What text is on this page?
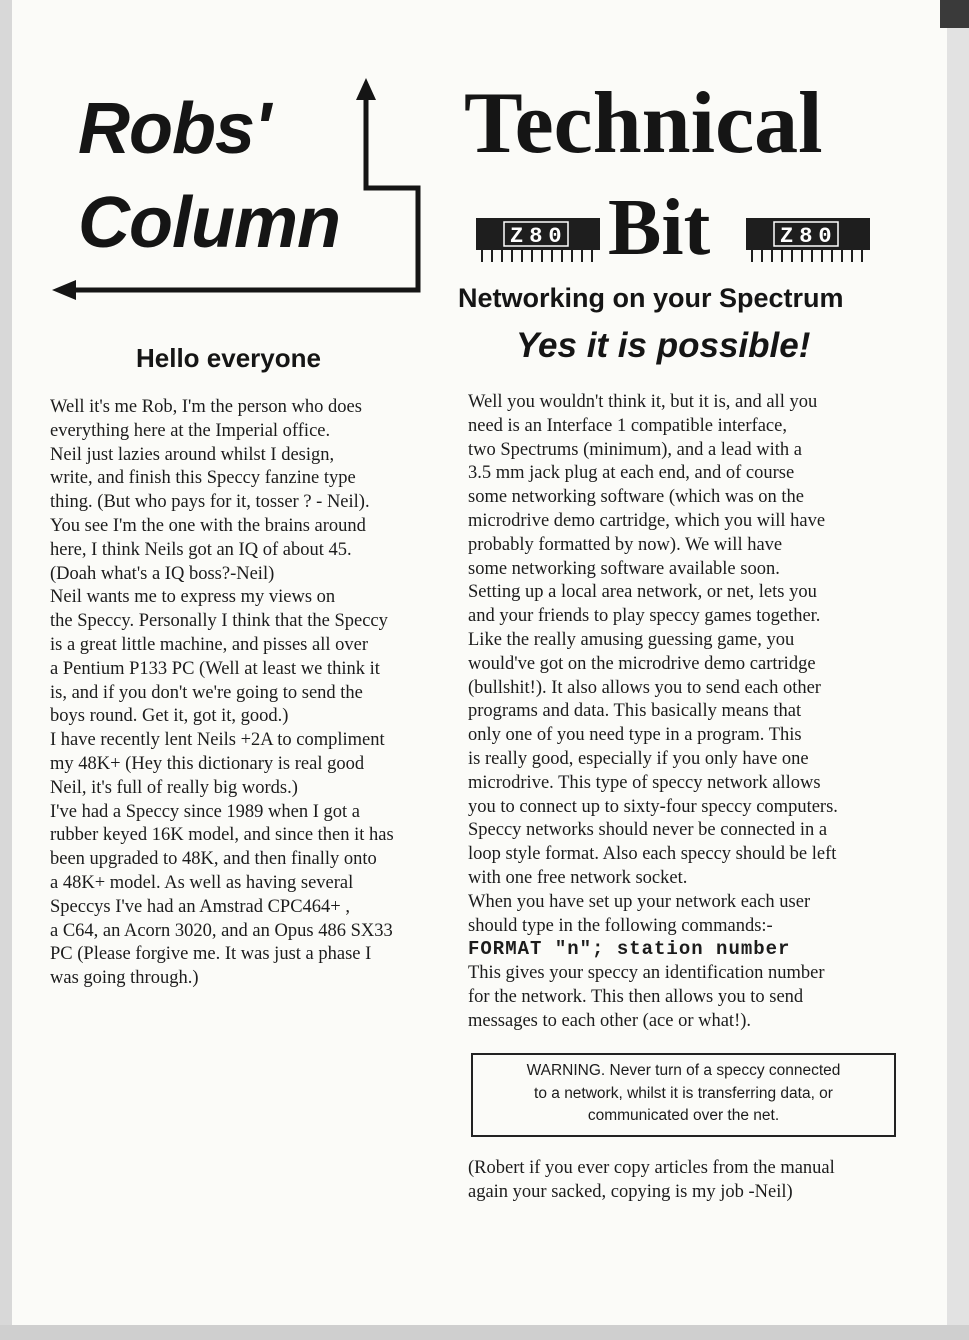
Robs'
Column
Technical
Bit
Z80	Z80
Networking on your Spectrum
Yes it is possible!
Hello everyone
Well it's me Rob, I'm the person who does
everything here at the Imperial office.
Neil just lazies around whilst I design,
write, and finish this Speccy fanzine type
thing. (But who pays for it, tosser ? - Neil).
You see I'm the one with the brains around
here, I think Neils got an IQ of about 45.
(Doah what's a IQ boss?-Neil)
Neil wants me to express my views on
the Speccy. Personally I think that the Speccy
is a great little machine, and pisses all over
a Pentium P133 PC (Well at least we think it
is, and if you don't we're going to send the
boys round. Get it, got it, good.)
I have recently lent Neils +2A to compliment
my 48K+ (Hey this dictionary is real good
Neil, it's full of really big words.)
I've had a Speccy since 1989 when I got a
rubber keyed 16K model, and since then it has
been upgraded to 48K, and then finally onto
a 48K+ model. As well as having several
Speccys I've had an Amstrad CPC464+ ,
a C64, an Acorn 3020, and an Opus 486 SX33
PC (Please forgive me. It was just a phase I
was going through.)
Well you wouldn't think it, but it is, and all you
need is an Interface 1 compatible interface,
two Spectrums (minimum), and a lead with a
3.5 mm jack plug at each end, and of course
some networking software (which was on the
microdrive demo cartridge, which you will have
probably formatted by now). We will have
some networking software available soon.
Setting up a local area network, or net, lets you
and your friends to play speccy games together.
Like the really amusing guessing game, you
would've got on the microdrive demo cartridge
(bullshit!). It also allows you to send each other
programs and data. This basically means that
only one of you need type in a program. This
is really good, especially if you only have one
microdrive. This type of speccy network allows
you to connect up to sixty-four speccy computers.
Speccy networks should never be connected in a
loop style format. Also each speccy should be left
with one free network socket.
When you have set up your network each user
should type in the following commands:-
FORMAT "n"; station number
This gives your speccy an identification number
for the network. This then allows you to send
messages to each other (ace or what!).
WARNING. Never turn of a speccy connected
to a network, whilst it is transferring data, or
communicated over the net.
(Robert if you ever copy articles from the manual
again your sacked, copying is my job -Neil)
